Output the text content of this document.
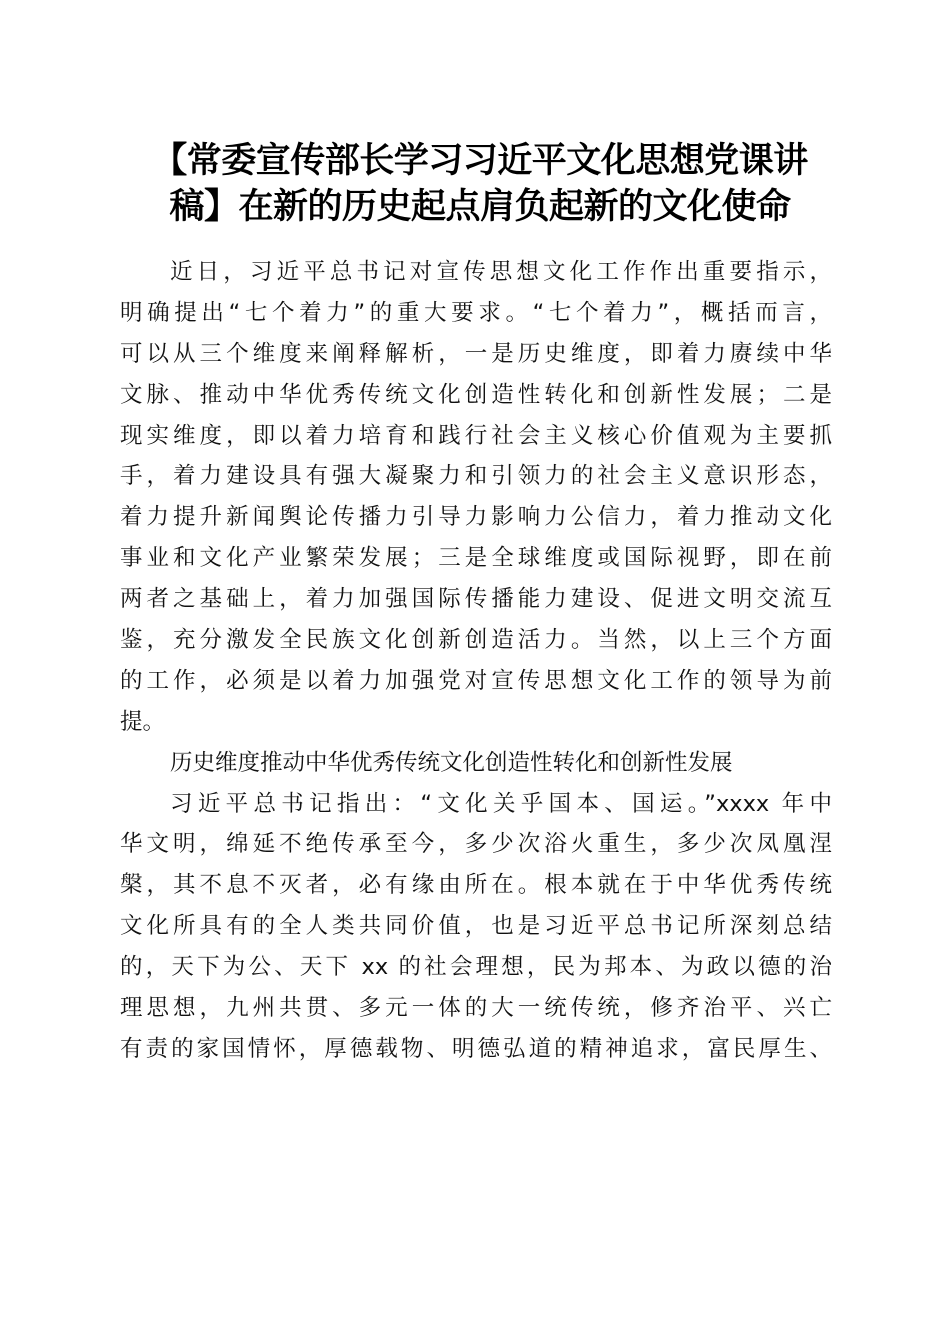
【常委宣传部长学习习近平文化思想党课讲
稿】在新的历史起点肩负起新的文化使命
近日，习近平总书记对宣传思想文化工作作出重要指示，
明确提出“七个着力”的重大要求。“七个着力”，概括而言，
可以从三个维度来阐释解析，一是历史维度，即着力赓续中华
文脉、推动中华优秀传统文化创造性转化和创新性发展；二是
现实维度，即以着力培育和践行社会主义核心价值观为主要抓
手，着力建设具有强大凝聚力和引领力的社会主义意识形态，
着力提升新闻舆论传播力引导力影响力公信力，着力推动文化
事业和文化产业繁荣发展；三是全球维度或国际视野，即在前
两者之基础上，着力加强国际传播能力建设、促进文明交流互
鉴，充分激发全民族文化创新创造活力。当然，以上三个方面
的工作，必须是以着力加强党对宣传思想文化工作的领导为前
提。
历史维度推动中华优秀传统文化创造性转化和创新性发展
习近平总书记指出：“文化关乎国本、国运。”xxxx 年中
华文明，绵延不绝传承至今，多少次浴火重生，多少次凤凰涅
槃，其不息不灭者，必有缘由所在。根本就在于中华优秀传统
文化所具有的全人类共同价值，也是习近平总书记所深刻总结
的，天下为公、天下 xx 的社会理想，民为邦本、为政以德的治
理思想，九州共贯、多元一体的大一统传统，修齐治平、兴亡
有责的家国情怀，厚德载物、明德弘道的精神追求，富民厚生、
